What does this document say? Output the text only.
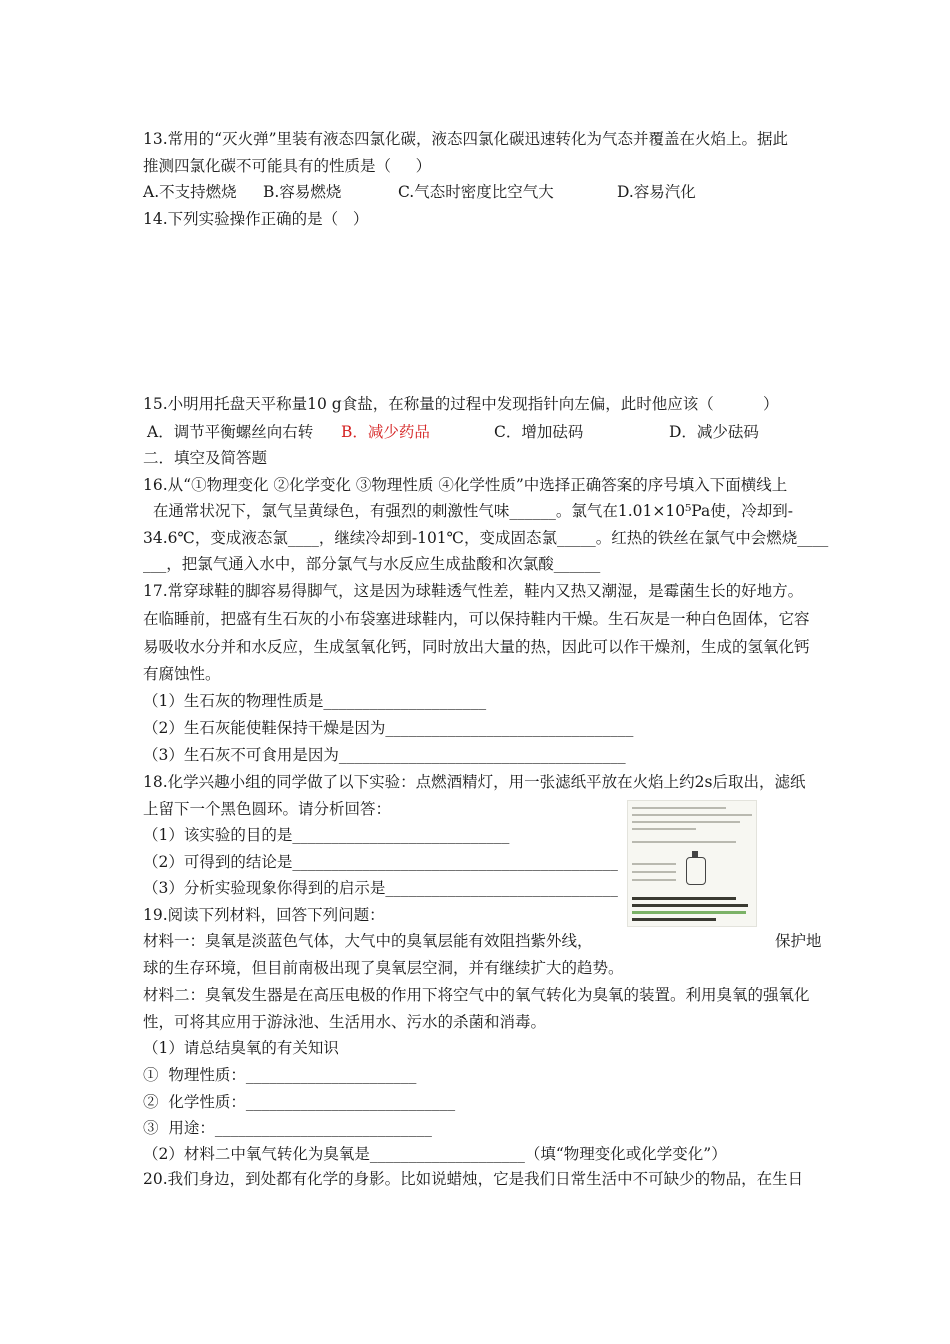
13.常用的“灭火弹”里装有液态四氯化碳，液态四氯化碳迅速转化为气态并覆盖在火焰上。据此
推测四氯化碳不可能具有的性质是（     ）
A.不支持燃烧 B.容易燃烧	C.气态时密度比空气大	D.容易汽化
14.下列实验操作正确的是（   ）
15.小明用托盘天平称量10 g食盐，在称量的过程中发现指针向左偏，此时他应该（          ）
A．调节平衡螺丝向右转 B．减少药品	C．增加砝码	D．减少砝码
二．填空及简答题
16.从“①物理变化 ②化学变化 ③物理性质 ④化学性质”中选择正确答案的序号填入下面横线上
在通常状况下，氯气呈黄绿色，有强烈的刺激性气味______。氯气在1.01×10⁵Pa使，冷却到-
34.6℃，变成液态氯____，继续冷却到-101℃，变成固态氯_____。红热的铁丝在氯气中会燃烧____
___，把氯气通入水中，部分氯气与水反应生成盐酸和次氯酸______
17.常穿球鞋的脚容易得脚气，这是因为球鞋透气性差，鞋内又热又潮湿，是霉菌生长的好地方。
在临睡前，把盛有生石灰的小布袋塞进球鞋内，可以保持鞋内干燥。生石灰是一种白色固体，它容
易吸收水分并和水反应，生成氢氧化钙，同时放出大量的热，因此可以作干燥剂，生成的氢氧化钙
有腐蚀性。
（1）生石灰的物理性质是_____________________
（2）生石灰能使鞋保持干燥是因为________________________________
（3）生石灰不可食用是因为_____________________________________
18.化学兴趣小组的同学做了以下实验：点燃酒精灯，用一张滤纸平放在火焰上约2s后取出，滤纸
上留下一个黑色圆环。请分析回答：
（1）该实验的目的是____________________________
（2）可得到的结论是__________________________________________
（3）分析实验现象你得到的启示是______________________________
19.阅读下列材料，回答下列问题：
材料一：臭氧是淡蓝色气体，大气中的臭氧层能有效阻挡紫外线，	保护地
球的生存环境，但目前南极出现了臭氧层空洞，并有继续扩大的趋势。
材料二：臭氧发生器是在高压电极的作用下将空气中的氧气转化为臭氧的装置。利用臭氧的强氧化
性，可将其应用于游泳池、生活用水、污水的杀菌和消毒。
（1）请总结臭氧的有关知识
①  物理性质：______________________
②  化学性质：___________________________
③  用途：____________________________
（2）材料二中氧气转化为臭氧是____________________（填“物理变化或化学变化”）
20.我们身边，到处都有化学的身影。比如说蜡烛，它是我们日常生活中不可缺少的物品，在生日
